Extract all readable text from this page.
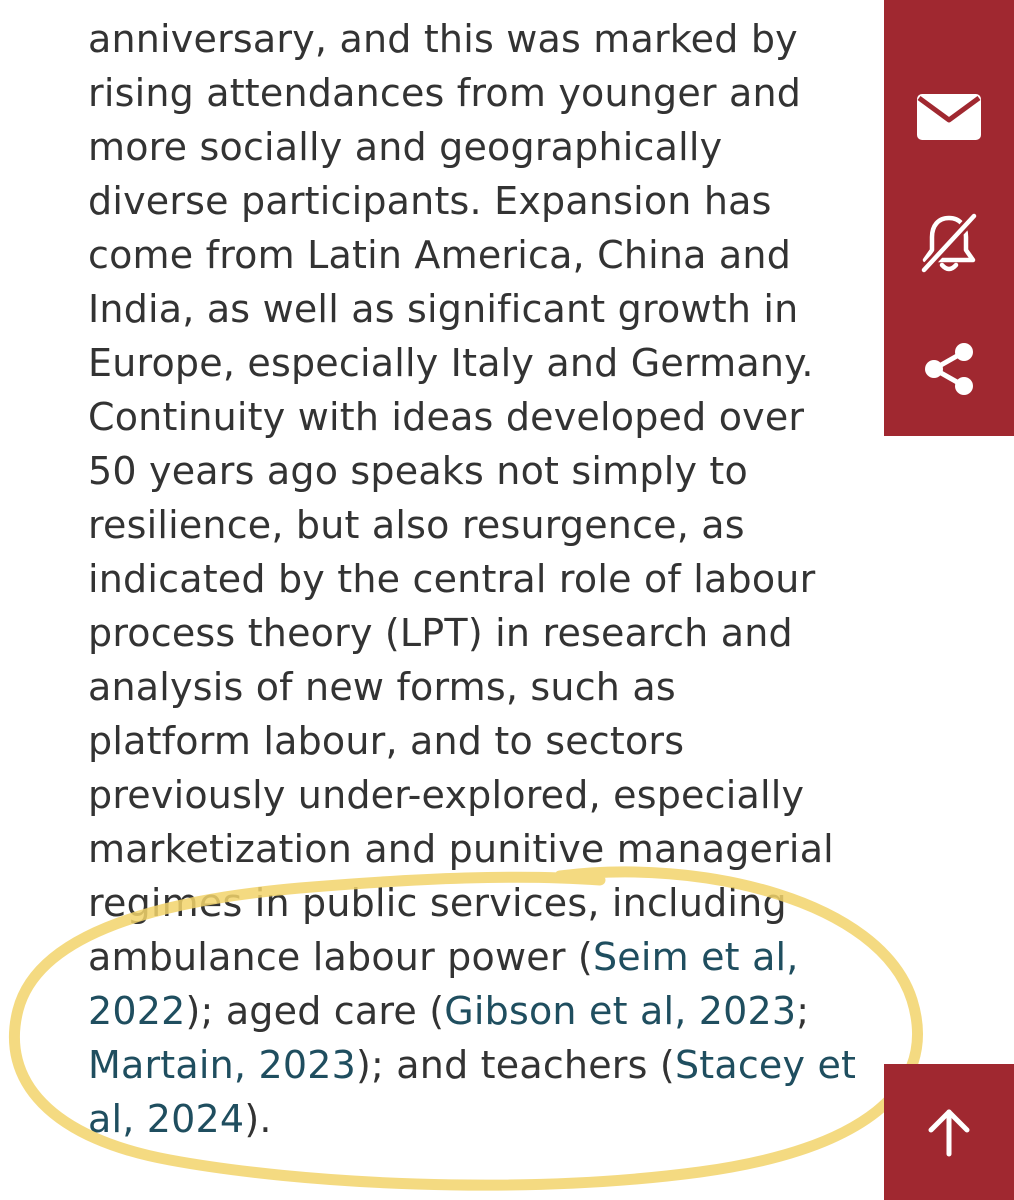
anniversary, and this was marked by
rising attendances from younger and
more socially and geographically
diverse participants. Expansion has
come from Latin America, China and
India, as well as significant growth in
Europe, especially Italy and Germany.
Continuity with ideas developed over
50 years ago speaks not simply to
resilience, but also resurgence, as
indicated by the central role of labour
process theory (LPT) in research and
analysis of new forms, such as
platform labour, and to sectors
previously under-explored, especially
marketization and punitive managerial
regimes in public services, including
ambulance labour power (Seim et al,
2022); aged care (Gibson et al, 2023;
Martain, 2023); and teachers (Stacey et
al, 2024).
